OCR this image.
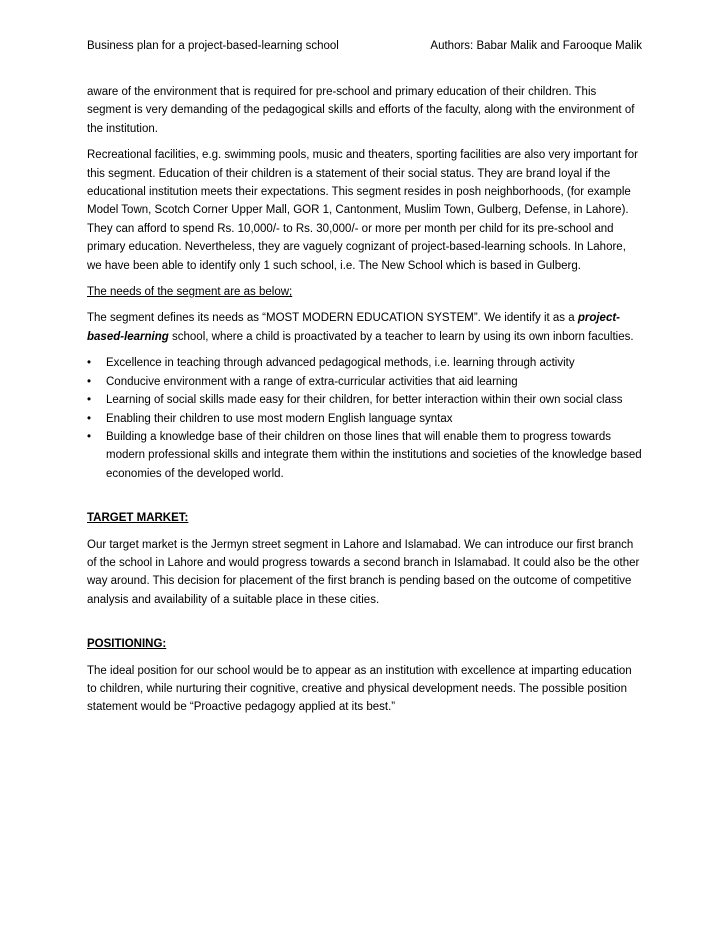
Business plan for a project-based-learning school	Authors: Babar Malik and Farooque Malik

aware of the environment that is required for pre-school and primary education of their children. This segment is very demanding of the pedagogical skills and efforts of the faculty, along with the environment of the institution.

Recreational facilities, e.g. swimming pools, music and theaters, sporting facilities are also very important for this segment. Education of their children is a statement of their social status. They are brand loyal if the educational institution meets their expectations. This segment resides in posh neighborhoods, (for example Model Town, Scotch Corner Upper Mall, GOR 1, Cantonment, Muslim Town, Gulberg, Defense, in Lahore). They can afford to spend Rs. 10,000/- to Rs. 30,000/- or more per month per child for its pre-school and primary education. Nevertheless, they are vaguely cognizant of project-based-learning schools. In Lahore, we have been able to identify only 1 such school, i.e. The New School which is based in Gulberg.

The needs of the segment are as below;

The segment defines its needs as “MOST MODERN EDUCATION SYSTEM”. We identify it as a project-based-learning school, where a child is proactivated by a teacher to learn by using its own inborn faculties.

• Excellence in teaching through advanced pedagogical methods, i.e. learning through activity
• Conducive environment with a range of extra-curricular activities that aid learning
• Learning of social skills made easy for their children, for better interaction within their own social class
• Enabling their children to use most modern English language syntax
• Building a knowledge base of their children on those lines that will enable them to progress towards modern professional skills and integrate them within the institutions and societies of the knowledge based economies of the developed world.

TARGET MARKET:

Our target market is the Jermyn street segment in Lahore and Islamabad. We can introduce our first branch of the school in Lahore and would progress towards a second branch in Islamabad. It could also be the other way around. This decision for placement of the first branch is pending based on the outcome of competitive analysis and availability of a suitable place in these cities.

POSITIONING:

The ideal position for our school would be to appear as an institution with excellence at imparting education to children, while nurturing their cognitive, creative and physical development needs. The possible position statement would be “Proactive pedagogy applied at its best.”
